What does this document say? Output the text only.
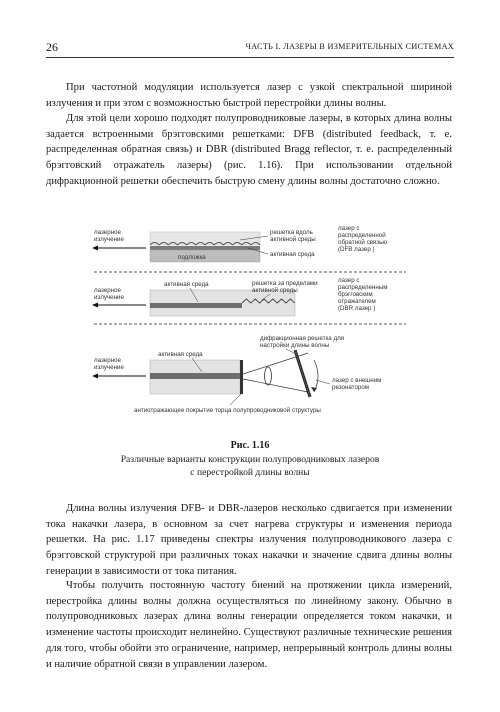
26	ЧАСТЬ I. ЛАЗЕРЫ В ИЗМЕРИТЕЛЬНЫХ СИСТЕМАХ

При частотной модуляции используется лазер с узкой спектральной шириной излучения и при этом с возможностью быстрой перестройки длины волны.

Для этой цели хорошо подходят полупроводниковые лазеры, в которых длина волны задается встроенными брэгговскими решетками: DFB (distributed feedback, т. е. распределенная обратная связь) и DBR (distributed Bragg reflector, т. е. распределенный брэгговский отражатель лазеры) (рис. 1.16). При использовании отдельной дифракционной решетки обеспечить быструю смену длины волны достаточно сложно.

лазерное
излучение
подложка
решетка вдоль
активной среды
активная среда
лазер с
распределенной
обратной связью
(DFB лазер )
лазерное
излучение
активная среда	решетка за пределами
активной среды
лазер с
распределенным
брэгговским
отражателем
(DBR лазер )
лазерное
излучение
активная среда
дифракционная решетка для
настройки длины волны
лазер с внешним
резонатором
антиотражающее покрытие торца полупроводниковой структуры

Рис. 1.16

Различные варианты конструкции полупроводниковых лазеров
с перестройкой длины волны

Длина волны излучения DFB- и DBR-лазеров несколько сдвигается при изменении тока накачки лазера, в основном за счет нагрева структуры и изменения периода решетки. На рис. 1.17 приведены спектры излучения полупроводникового лазера с брэгговской структурой при различных токах накачки и значение сдвига длины волны генерации в зависимости от тока питания.

Чтобы получить постоянную частоту биений на протяжении цикла измерений, перестройка длины волны должна осуществляться по линейному закону. Обычно в полупроводниковых лазерах длина волны генерации определяется током накачки, и изменение частоты происходит нелинейно. Существуют различные технические решения для того, чтобы обойти это ограничение, например, непрерывный контроль длины волны и наличие обратной связи в управлении лазером.
